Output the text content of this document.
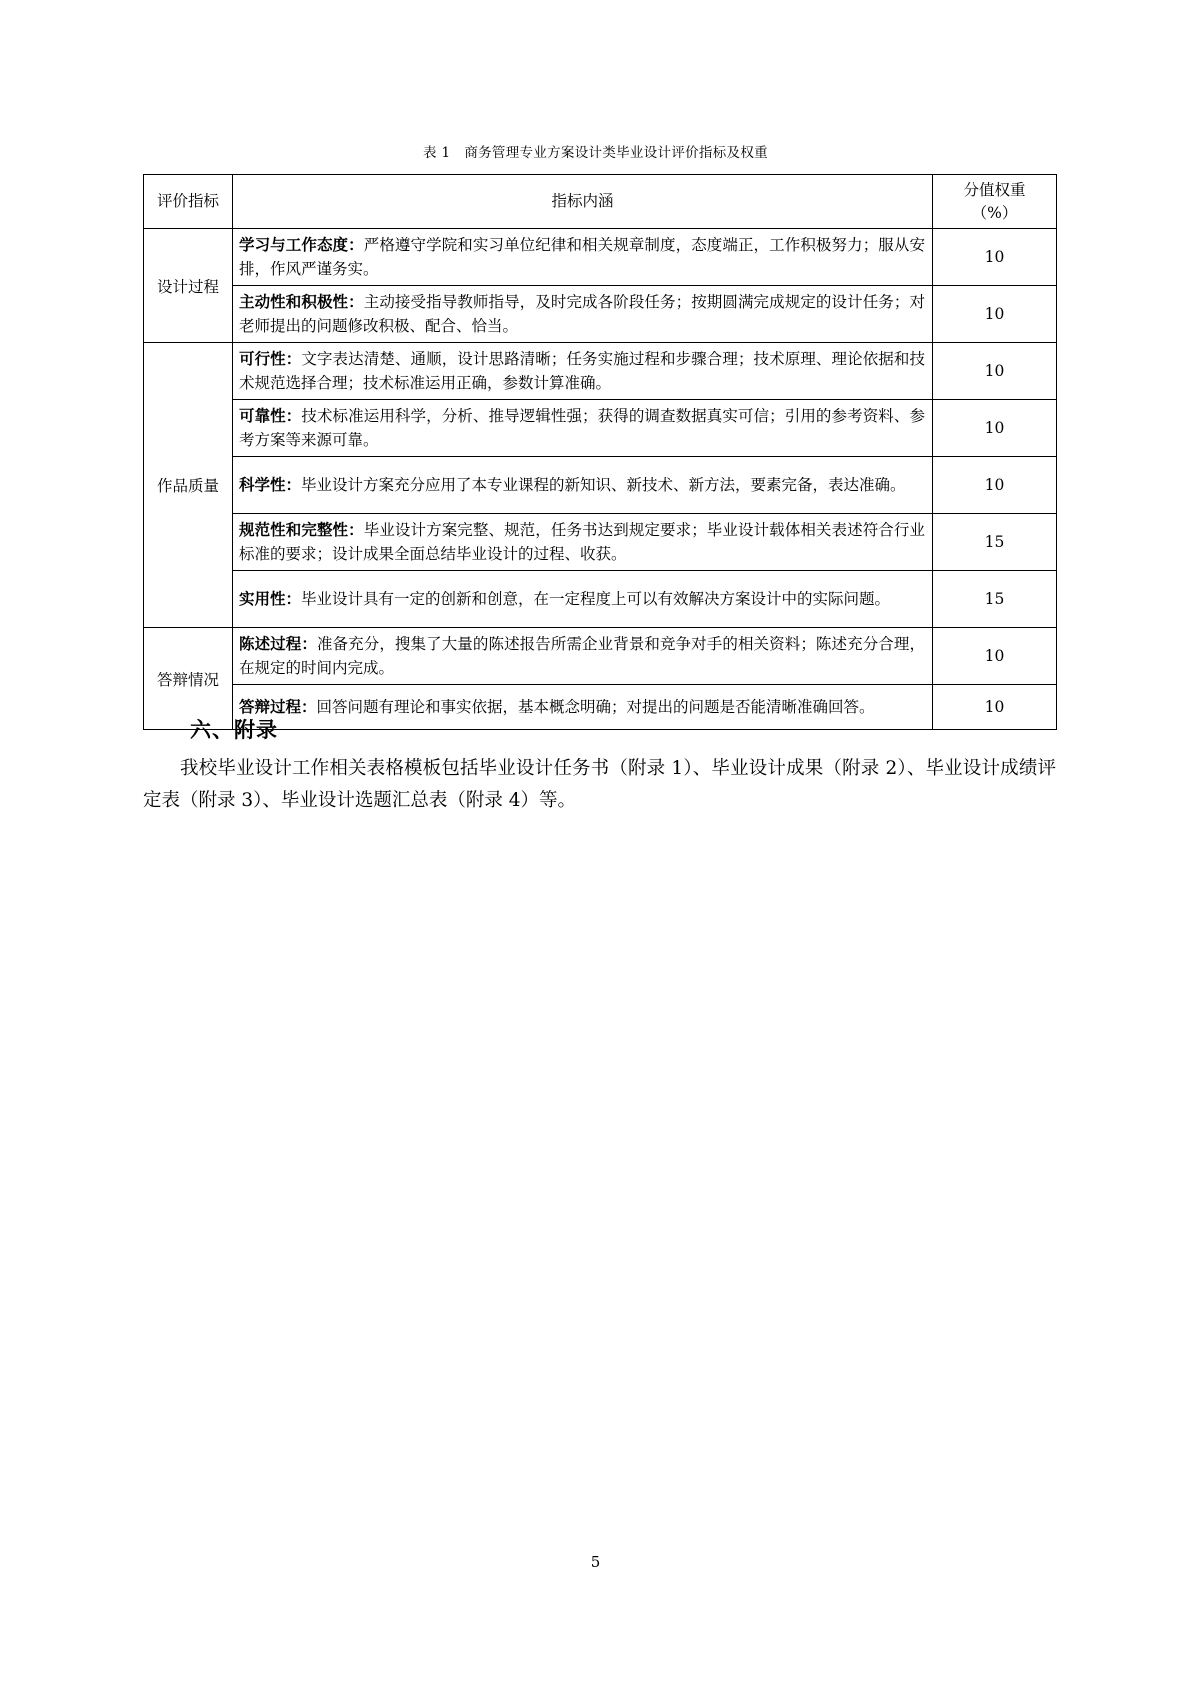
表 1 商务管理专业方案设计类毕业设计评价指标及权重
评价指标	指标内涵	分值权重
（%）

设计过程	学习与工作态度：严格遵守学院和实习单位纪律和相关规章制度，态度端正，工作积极努力；服从安排，作风严谨务实。	10
	主动性和积极性：主动接受指导教师指导，及时完成各阶段任务；按期圆满完成规定的设计任务；对老师提出的问题修改积极、配合、恰当。	10
作品质量	可行性：文字表达清楚、通顺，设计思路清晰；任务实施过程和步骤合理；技术原理、理论依据和技术规范选择合理；技术标准运用正确，参数计算准确。	10
	可靠性：技术标准运用科学，分析、推导逻辑性强；获得的调查数据真实可信；引用的参考资料、参考方案等来源可靠。	10
	科学性：毕业设计方案充分应用了本专业课程的新知识、新技术、新方法，要素完备，表达准确。	10
	规范性和完整性：毕业设计方案完整、规范，任务书达到规定要求；毕业设计载体相关表述符合行业标准的要求；设计成果全面总结毕业设计的过程、收获。	15
	实用性：毕业设计具有一定的创新和创意，在一定程度上可以有效解决方案设计中的实际问题。	15
答辩情况	陈述过程：准备充分，搜集了大量的陈述报告所需企业背景和竞争对手的相关资料；陈述充分合理，在规定的时间内完成。	10
	答辩过程：回答问题有理论和事实依据，基本概念明确；对提出的问题是否能清晰准确回答。	10
六、附录
我校毕业设计工作相关表格模板包括毕业设计任务书（附录 1）、毕业设计成果（附录 2）、毕业设计成绩评定表（附录 3）、毕业设计选题汇总表（附录 4）等。
5
